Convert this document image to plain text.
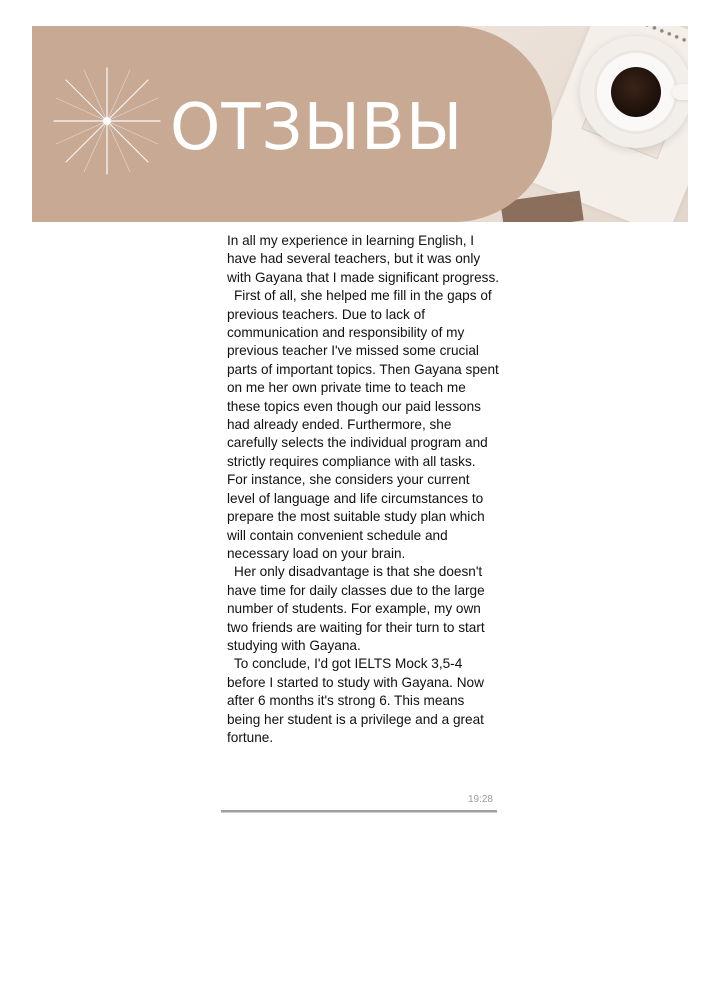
ОТЗЫВЫ

In all my experience in learning English, I have had several teachers, but it was only with Gayana that I made significant progress.

First of all, she helped me fill in the gaps of previous teachers. Due to lack of communication and responsibility of my previous teacher I've missed some crucial parts of important topics. Then Gayana spent on me her own private time to teach me these topics even though our paid lessons had already ended. Furthermore, she carefully selects the individual program and strictly requires compliance with all tasks. For instance, she considers your current level of language and life circumstances to prepare the most suitable study plan which will contain convenient schedule and necessary load on your brain.

Her only disadvantage is that she doesn't have time for daily classes due to the large number of students. For example, my own two friends are waiting for their turn to start studying with Gayana.

To conclude, I'd got IELTS Mock 3,5-4 before I started to study with Gayana. Now after 6 months it's strong 6. This means being her student is a privilege and a great fortune.

19:28
